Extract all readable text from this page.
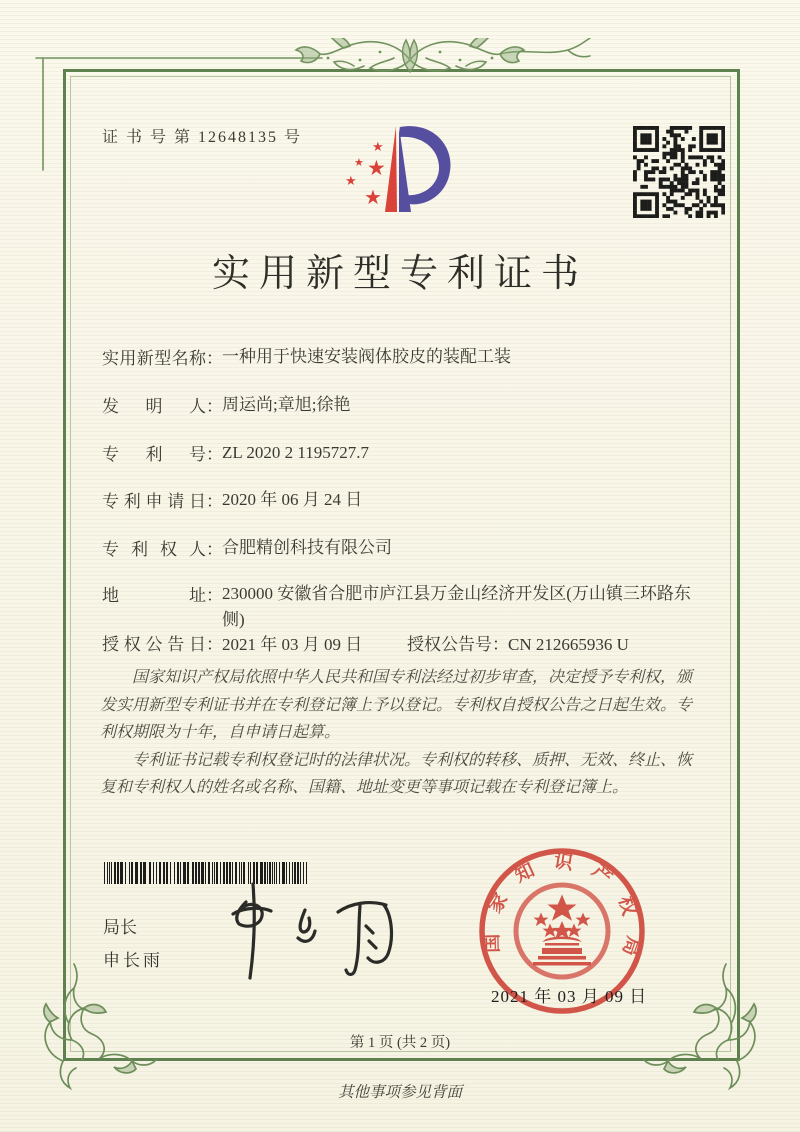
证 书 号 第 12648135 号
★
★ ★
★
★
实用新型专利证书
实用新型名称：一种用于快速安装阀体胶皮的装配工装
发明人：周运尚;章旭;徐艳
专利号：ZL 2020 2 1195727.7
专利申请日：2020 年 06 月 24 日
专利权人：合肥精创科技有限公司
地址：230000 安徽省合肥市庐江县万金山经济开发区(万山镇三环路东侧)
授权公告日：2021 年 03 月 09 日	授权公告号：CN 212665936 U

国家知识产权局依照中华人民共和国专利法经过初步审查，决定授予专利权，颁发实用新型专利证书并在专利登记簿上予以登记。专利权自授权公告之日起生效。专利权期限为十年，自申请日起算。

专利证书记载专利权登记时的法律状况。专利权的转移、质押、无效、终止、恢复和专利权人的姓名或名称、国籍、地址变更等事项记载在专利登记簿上。

局长
申长雨
国家知识产权局
2021 年 03 月 09 日
第 1 页 (共 2 页)
其他事项参见背面
